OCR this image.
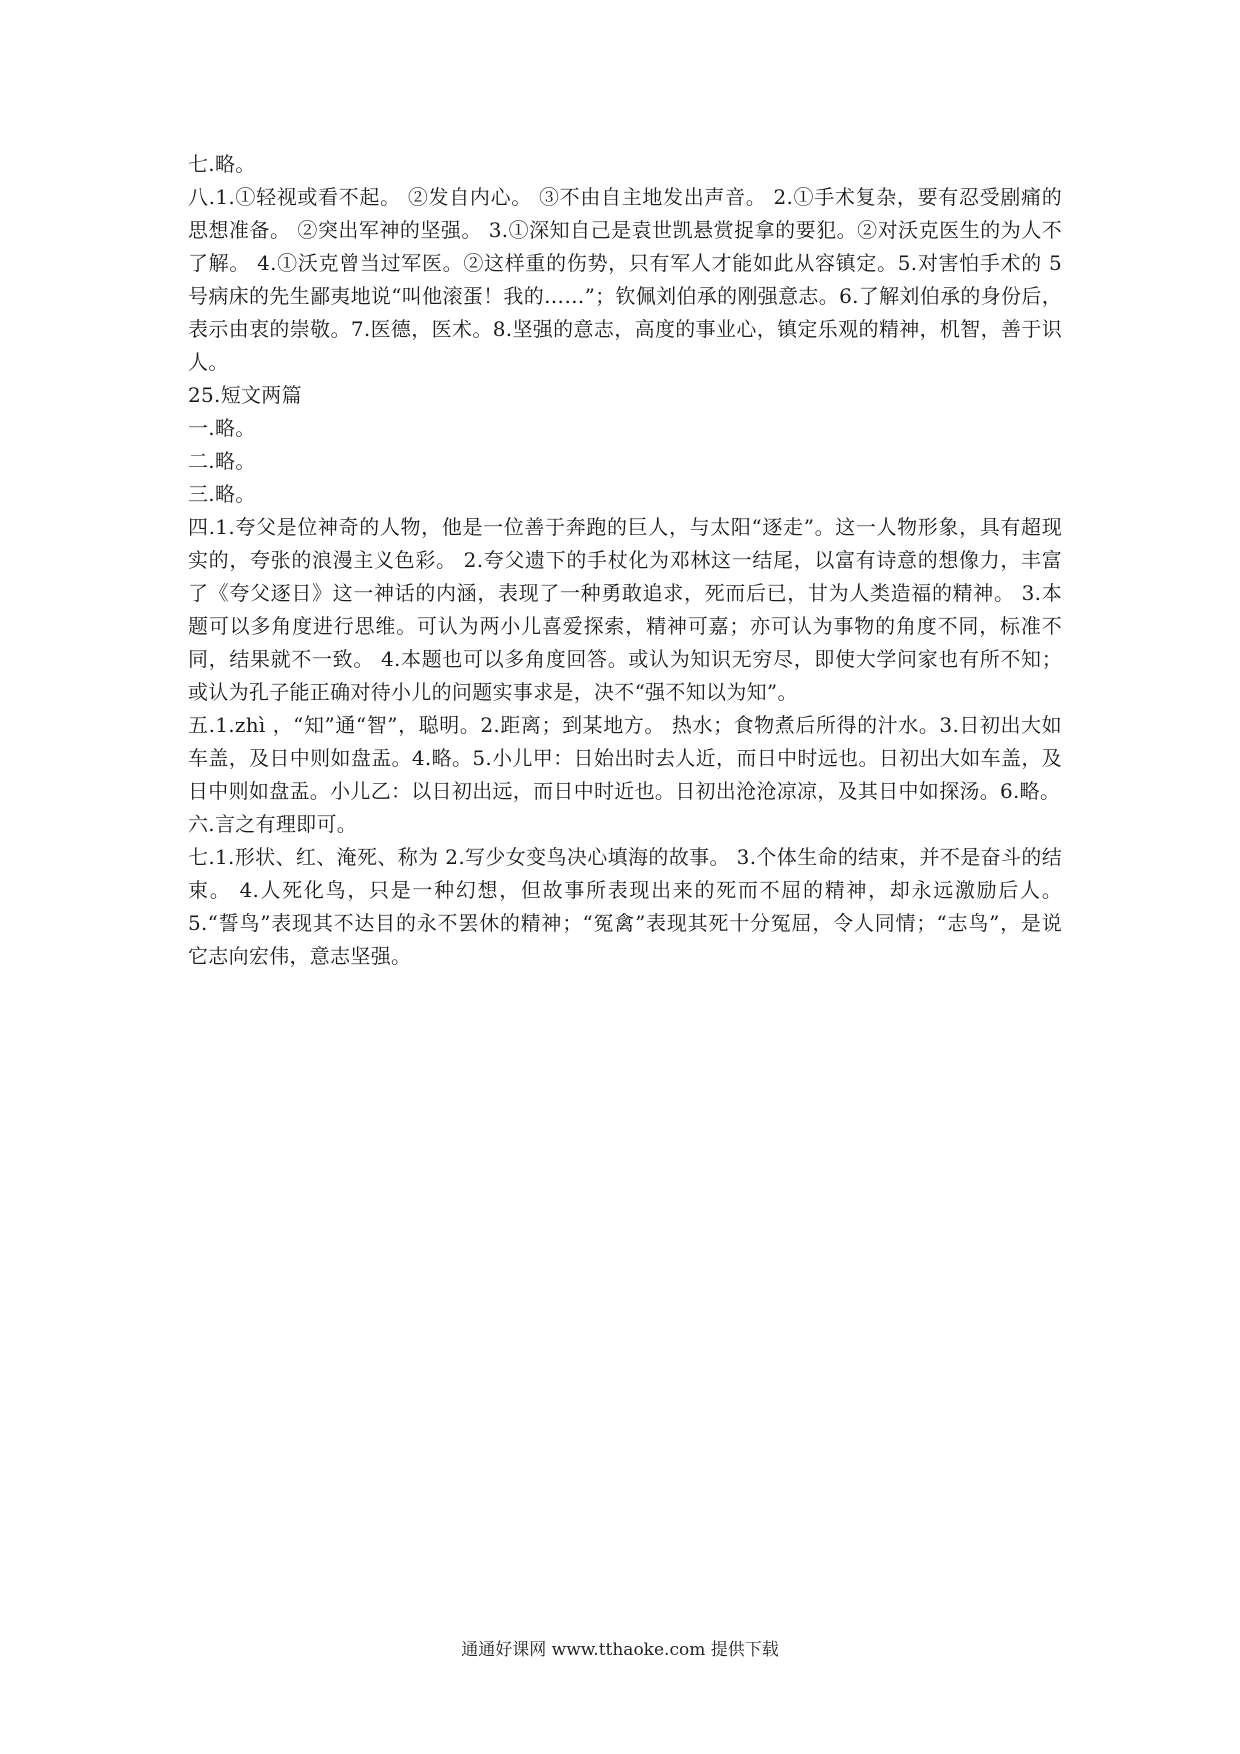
七.略。

八.1.①轻视或看不起。 ②发自内心。 ③不由自主地发出声音。 2.①手术复杂，要有忍受剧痛的思想准备。 ②突出军神的坚强。 3.①深知自己是袁世凯悬赏捉拿的要犯。②对沃克医生的为人不了解。 4.①沃克曾当过军医。②这样重的伤势，只有军人才能如此从容镇定。5.对害怕手术的 5 号病床的先生鄙夷地说“叫他滚蛋！我的……”；钦佩刘伯承的刚强意志。6.了解刘伯承的身份后，表示由衷的崇敬。7.医德，医术。8.坚强的意志，高度的事业心，镇定乐观的精神，机智，善于识人。

25.短文两篇

一.略。

二.略。

三.略。

四.1.夸父是位神奇的人物，他是一位善于奔跑的巨人，与太阳“逐走”。这一人物形象，具有超现实的，夸张的浪漫主义色彩。 2.夸父遗下的手杖化为邓林这一结尾，以富有诗意的想像力，丰富了《夸父逐日》这一神话的内涵，表现了一种勇敢追求，死而后已，甘为人类造福的精神。 3.本题可以多角度进行思维。可认为两小儿喜爱探索，精神可嘉；亦可认为事物的角度不同，标准不同，结果就不一致。 4.本题也可以多角度回答。或认为知识无穷尽，即使大学问家也有所不知；或认为孔子能正确对待小儿的问题实事求是，决不“强不知以为知”。

五.1.zhì ，“知”通“智”，聪明。2.距离；到某地方。 热水；食物煮后所得的汁水。3.日初出大如车盖，及日中则如盘盂。4.略。5.小儿甲：日始出时去人近，而日中时远也。日初出大如车盖，及日中则如盘盂。小儿乙：以日初出远，而日中时近也。日初出沧沧凉凉，及其日中如探汤。6.略。

六.言之有理即可。

七.1.形状、红、淹死、称为 2.写少女变鸟决心填海的故事。 3.个体生命的结束，并不是奋斗的结束。 4.人死化鸟，只是一种幻想，但故事所表现出来的死而不屈的精神，却永远激励后人。 5.“誓鸟”表现其不达目的永不罢休的精神；“冤禽”表现其死十分冤屈，令人同情；“志鸟”，是说它志向宏伟，意志坚强。

通通好课网 www.tthaoke.com 提供下载
